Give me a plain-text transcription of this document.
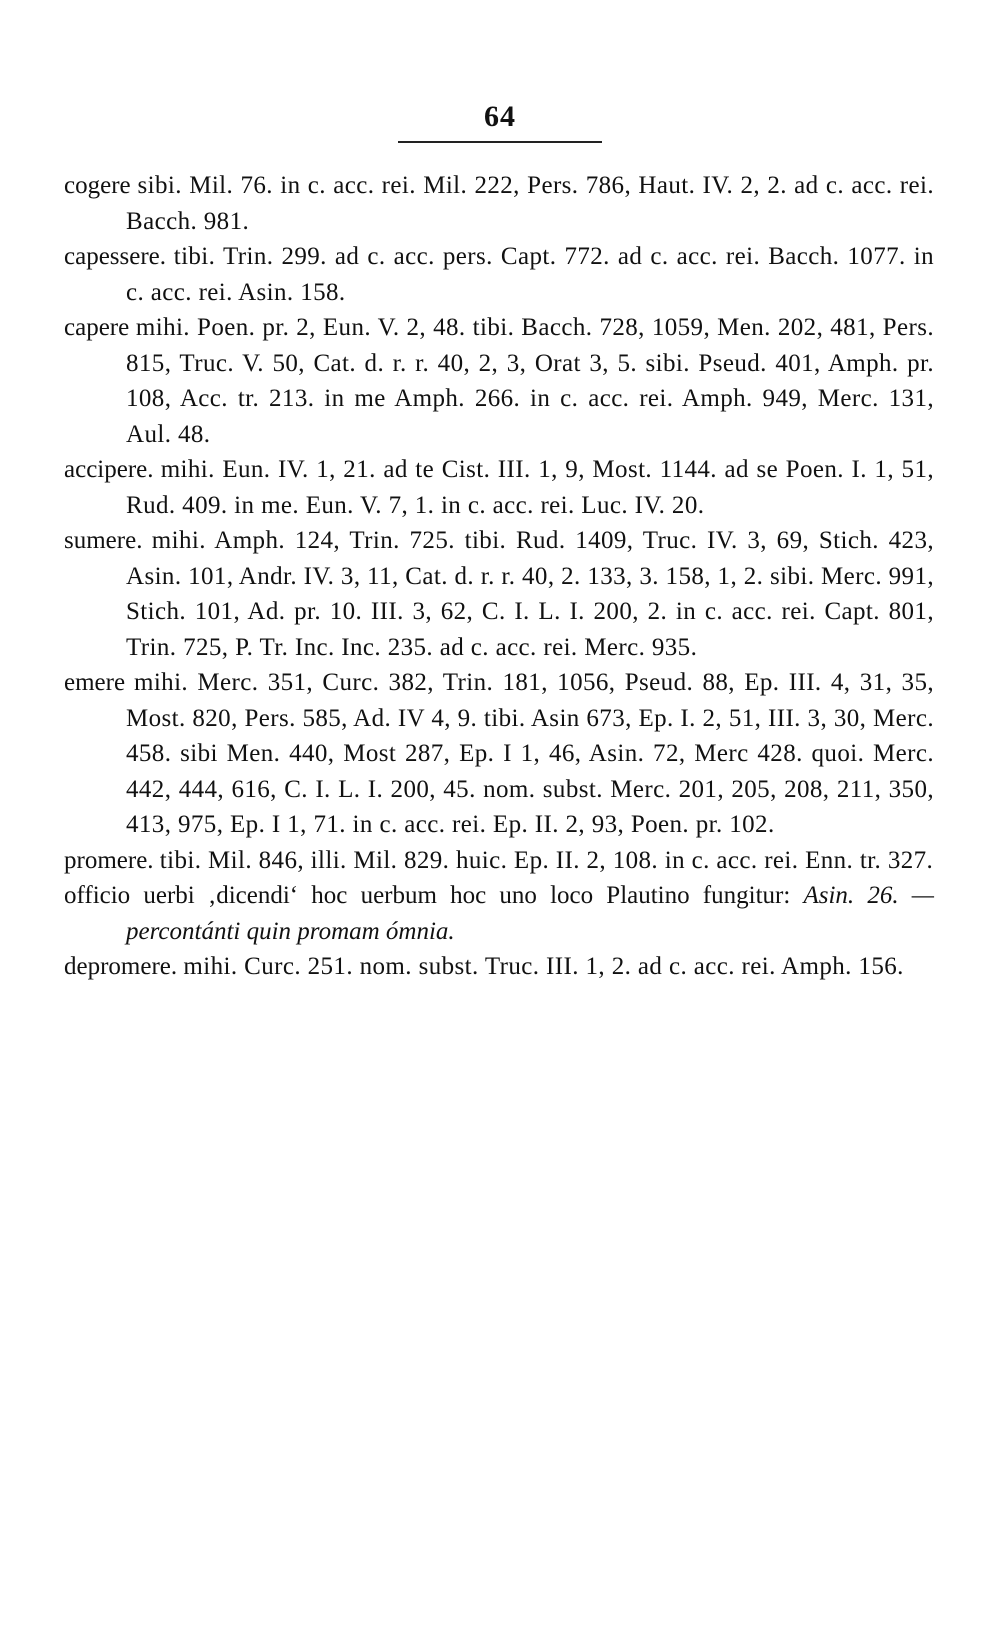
64

cogere sibi. Mil. 76. in c. acc. rei. Mil. 222, Pers. 786, Haut. IV. 2, 2. ad c. acc. rei. Bacch. 981.

capessere. tibi. Trin. 299. ad c. acc. pers. Capt. 772. ad c. acc. rei. Bacch. 1077. in c. acc. rei. Asin. 158.

capere mihi. Poen. pr. 2, Eun. V. 2, 48. tibi. Bacch. 728, 1059, Men. 202, 481, Pers. 815, Truc. V. 50, Cat. d. r. r. 40, 2, 3, Orat 3, 5. sibi. Pseud. 401, Amph. pr. 108, Acc. tr. 213. in me Amph. 266. in c. acc. rei. Amph. 949, Merc. 131, Aul. 48.

accipere. mihi. Eun. IV. 1, 21. ad te Cist. III. 1, 9, Most. 1144. ad se Poen. I. 1, 51, Rud. 409. in me. Eun. V. 7, 1. in c. acc. rei. Luc. IV. 20.

sumere. mihi. Amph. 124, Trin. 725. tibi. Rud. 1409, Truc. IV. 3, 69, Stich. 423, Asin. 101, Andr. IV. 3, 11, Cat. d. r. r. 40, 2. 133, 3. 158, 1, 2. sibi. Merc. 991, Stich. 101, Ad. pr. 10. III. 3, 62, C. I. L. I. 200, 2. in c. acc. rei. Capt. 801, Trin. 725, P. Tr. Inc. Inc. 235. ad c. acc. rei. Merc. 935.

emere mihi. Merc. 351, Curc. 382, Trin. 181, 1056, Pseud. 88, Ep. III. 4, 31, 35, Most. 820, Pers. 585, Ad. IV 4, 9. tibi. Asin 673, Ep. I. 2, 51, III. 3, 30, Merc. 458. sibi Men. 440, Most 287, Ep. I 1, 46, Asin. 72, Merc 428. quoi. Merc. 442, 444, 616, C. I. L. I. 200, 45. nom. subst. Merc. 201, 205, 208, 211, 350, 413, 975, Ep. I 1, 71. in c. acc. rei. Ep. II. 2, 93, Poen. pr. 102.

promere. tibi. Mil. 846, illi. Mil. 829. huic. Ep. II. 2, 108. in c. acc. rei. Enn. tr. 327.

officio uerbi ‚dicendi‘ hoc uerbum hoc uno loco Plautino fungitur: Asin. 26. — percontánti quin promam ómnia.

depromere. mihi. Curc. 251. nom. subst. Truc. III. 1, 2. ad c. acc. rei. Amph. 156.
